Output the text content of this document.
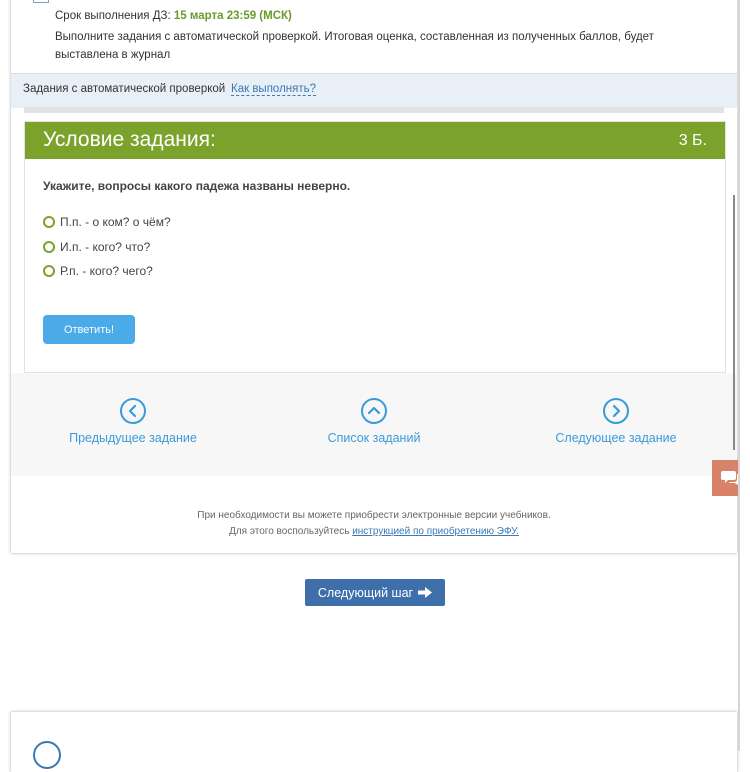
Срок выполнения ДЗ: 15 марта 23:59 (МСК)
Выполните задания с автоматической проверкой. Итоговая оценка, составленная из полученных баллов, будет выставлена в журнал
Задания с автоматической проверкой Как выполнять?
Условие задания:	3 Б.
Укажите, вопросы какого падежа названы неверно.
П.п. - о ком? о чём?
И.п. - кого? что?
Р.п. - кого? чего?
Ответить!
Предыдущее задание	Список заданий	Следующее задание
При необходимости вы можете приобрести электронные версии учебников.
Для этого воспользуйтесь инструкцией по приобретению ЭФУ.
Следующий шаг
